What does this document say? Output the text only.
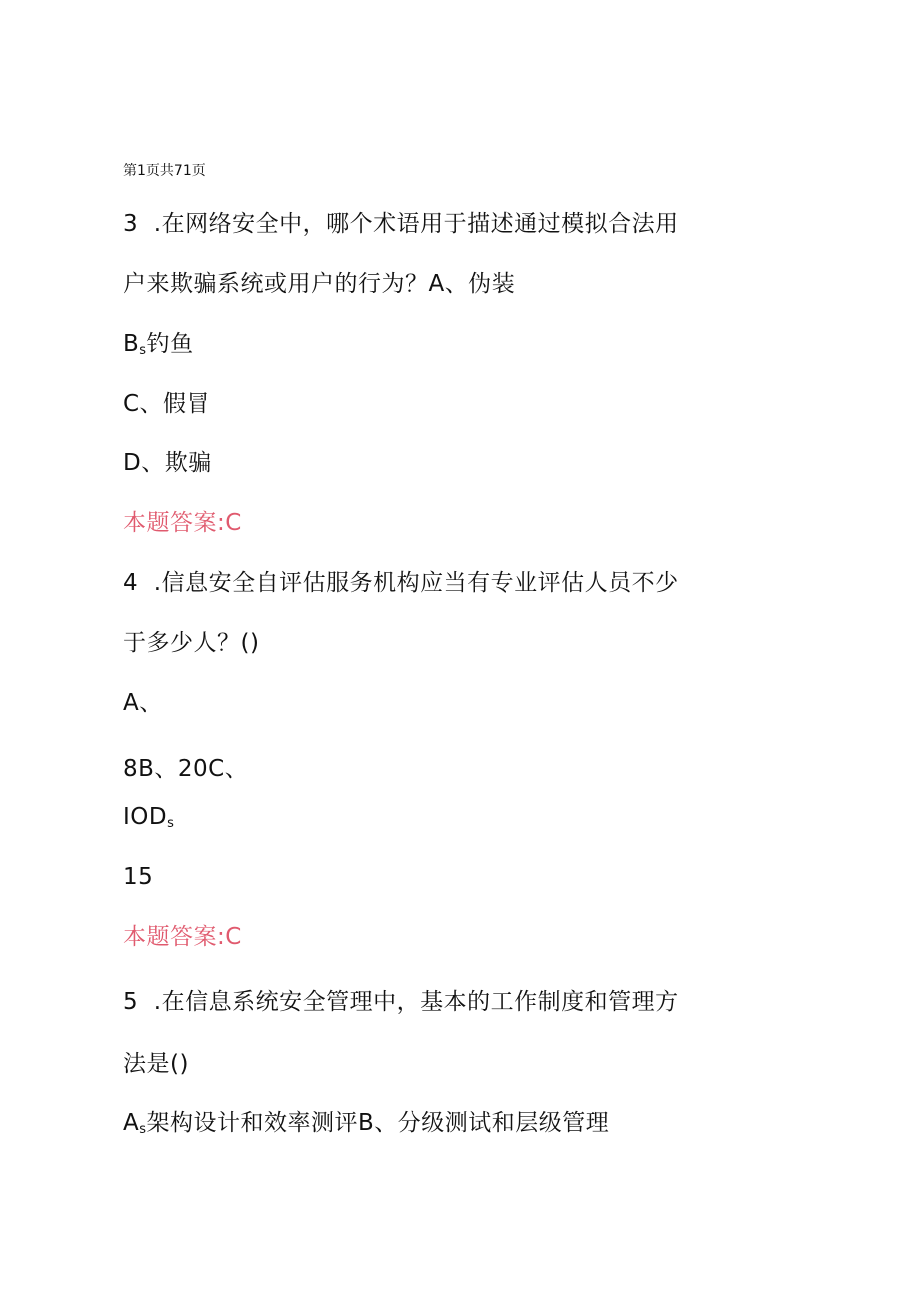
第1页共71页
3  .在网络安全中，哪个术语用于描述通过模拟合法用
户来欺骗系统或用户的行为？A、伪装
$B_s$钓鱼
C、假冒
D、欺骗
本题答案:C
4  .信息安全自评估服务机构应当有专业评估人员不少
于多少人？()
A、
8B、20C、
$IOD_s$
15
本题答案:C
5  .在信息系统安全管理中，基本的工作制度和管理方
法是()
$A_s$架构设计和效率测评B、分级测试和层级管理
